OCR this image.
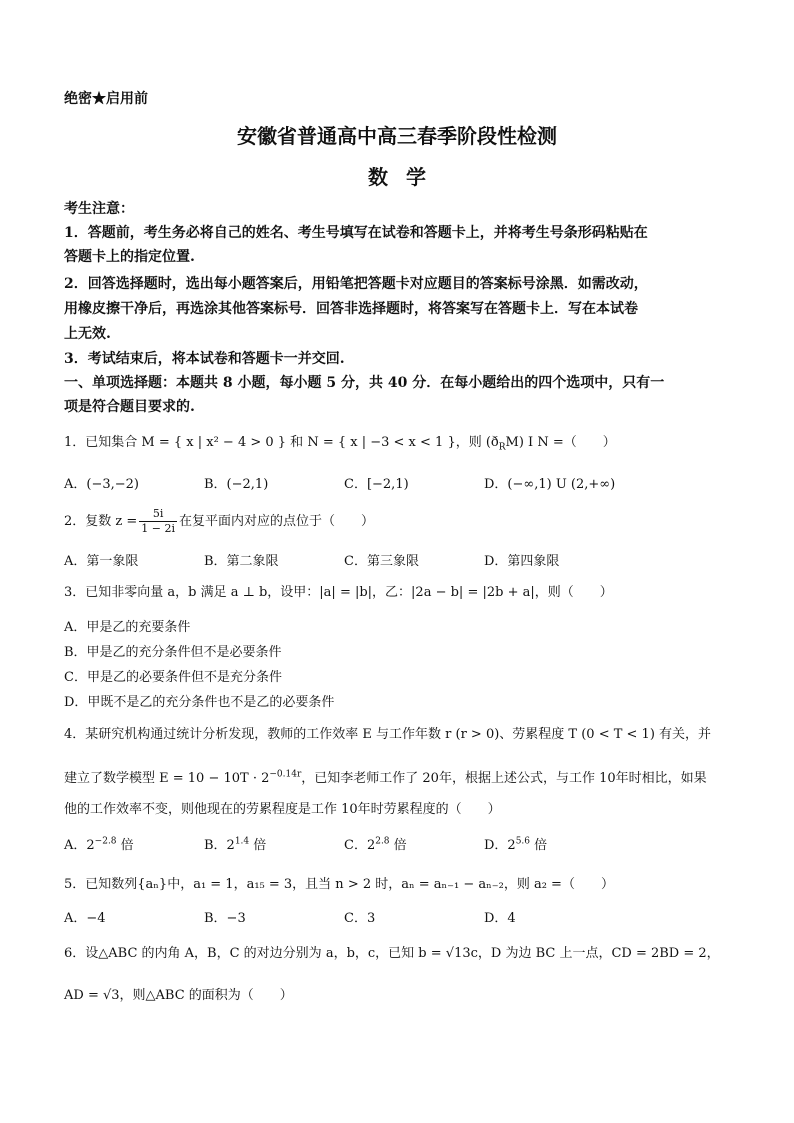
绝密★启用前
安徽省普通高中高三春季阶段性检测
数学
考生注意：
1．答题前，考生务必将自己的姓名、考生号填写在试卷和答题卡上，并将考生号条形码粘贴在
答题卡上的指定位置.
2．回答选择题时，选出每小题答案后，用铅笔把答题卡对应题目的答案标号涂黑．如需改动，
用橡皮擦干净后，再选涂其他答案标号．回答非选择题时，将答案写在答题卡上．写在本试卷
上无效.
3．考试结束后，将本试卷和答题卡一并交回.
一、单项选择题：本题共 8 小题，每小题 5 分，共 40 分．在每小题给出的四个选项中，只有一
项是符合题目要求的.
1．已知集合 M = { x | x² − 4 > 0 } 和 N = { x | −3 < x < 1 }，则 $(ð_RM)$ I N =（　　）
A．(−3,−2)	B．(−2,1)	C．[−2,1)	D．(−∞,1) U (2,+∞)
2．复数 $z = \frac{5i}{1 - 2i}$ 在复平面内对应的点位于（　　）
A．第一象限	B．第二象限	C．第三象限	D．第四象限
3．已知非零向量 a，b 满足 a ⊥ b，设甲：|a| = |b|，乙：|2a − b| = |2b + a|，则（　　）
A．甲是乙的充要条件
B．甲是乙的充分条件但不是必要条件
C．甲是乙的必要条件但不是充分条件
D．甲既不是乙的充分条件也不是乙的必要条件
4．某研究机构通过统计分析发现，教师的工作效率 E 与工作年数 r (r > 0)、劳累程度 T (0 < T < 1) 有关，并
建立了数学模型 $E = 10 - 10T \cdot 2^{-0.14r}$，已知李老师工作了 20年，根据上述公式，与工作 10年时相比，如果
他的工作效率不变，则他现在的劳累程度是工作 10年时劳累程度的（　　）
A．$2^{-2.8}$ 倍	B．$2^{1.4}$ 倍	C．$2^{2.8}$ 倍	D．$2^{5.6}$ 倍
5．已知数列{aₙ}中，a₁ = 1，a₁₅ = 3，且当 n > 2 时，aₙ = aₙ₋₁ − aₙ₋₂，则 a₂ =（　　）
A．−4	B．−3	C．3	D．4
6．设△ABC 的内角 A，B，C 的对边分别为 a，b，c，已知 b = √13c，D 为边 BC 上一点，CD = 2BD = 2，
AD = √3，则△ABC 的面积为（　　）
